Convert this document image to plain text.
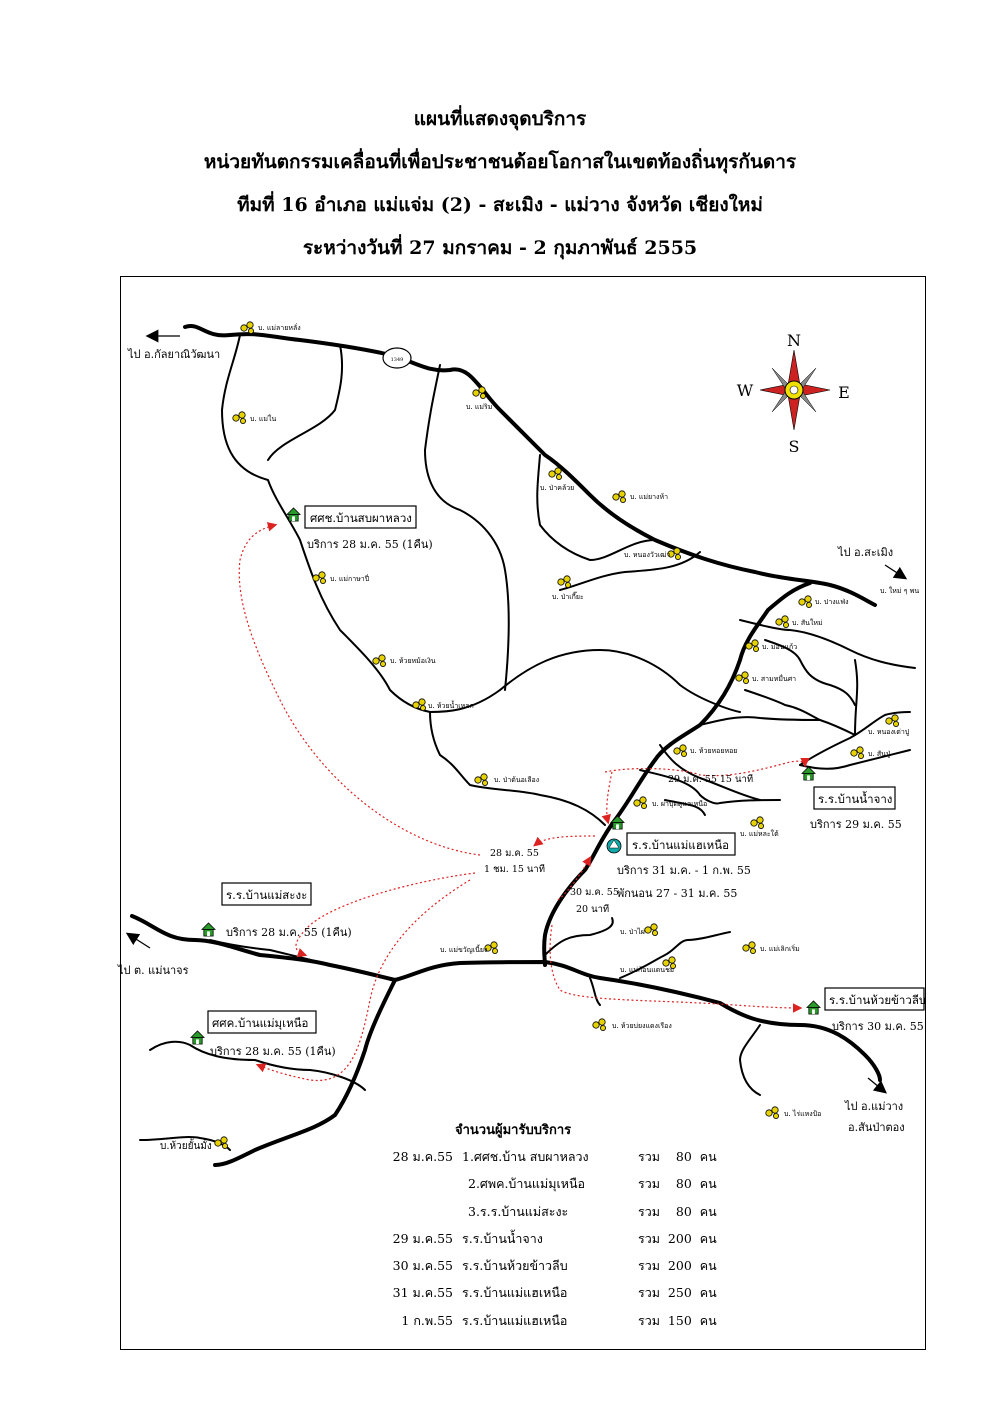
แผนที่แสดงจุดบริการ
หน่วยทันตกรรมเคลื่อนที่เพื่อประชาชนด้อยโอกาสในเขตท้องถิ่นทุรกันดาร
ทีมที่ 16 อำเภอ แม่แจ่ม (2) - สะเมิง - แม่วาง จังหวัด เชียงใหม่
ระหว่างวันที่ 27 มกราคม - 2 กุมภาพันธ์ 2555
1349
ไป อ.กัลยาณิวัฒนา
ไป อ.สะเมิง
ไป ต. แม่นาจร
ไป อ.แม่วาง
อ.สันป่าตอง
N
S
W	E
บ. แม่ลายหลั่ง
บ. แม่ใน
บ. แม่ริม
บ. ป่าคล้วย
บ. แม่ยางห้า
บ. หนองวัวเฒ่า
บ. ป่าเกี๊ยะ
บ. ใหม่ ๆ พน
บ. ปางแฟ่ง
บ. สันใหม่
บ. ม่อนแก้ว
บ. สามหมื่นศา
บ. หนองเต่าปู
บ. สันปู่
บ. แม่กาษาปี่
บ. ห้วยหม้อเงิน
บ. ห้วยน้ำเหลก
บ. ป่าต้นอเลือง
บ. ห้วยหอยหอย
บ. ผ่าปุดดูแลเหนือ
บ. แม่หละใต้
บ. แม่ขวัญเนี้ยง
บ. ป่าไผ่
บ. แม่ก้อนแดนชย
บ. แม่เลิกเริ่ม
บ. ห้วยบ่ยงแดงเรือง
บ. ไร่แหงป้อ
บ.ห้วยยั้นมั้ง
29 ม.ค. 55 15 นาที
28 ม.ค. 55
1 ชม. 15 นาที
30 ม.ค. 55
20 นาที
ศศช.บ้านสบผาหลวง
ร.ร.บ้านน้ำจาง
ร.ร.บ้านแม่แฮเหนือ
ร.ร.บ้านแม่สะงะ
ศศค.บ้านแม่มุเหนือ
ร.ร.บ้านห้วยข้าวลีบ
บริการ 28 ม.ค. 55 (1คืน)
บริการ 29 ม.ค. 55
บริการ 31 ม.ค. - 1 ก.พ. 55
พักนอน 27 - 31 ม.ค. 55
บริการ 28 ม.ค. 55 (1คืน)
บริการ 28 ม.ค. 55 (1คืน)
บริการ 30 ม.ค. 55
จำนวนผู้มารับบริการ
28 ม.ค.55 1.ศศช.บ้าน สบผาหลวง	รวม    80  คน
2.ศพค.บ้านแม่มุเหนือ	รวม    80  คน
3.ร.ร.บ้านแม่สะงะ	รวม    80  คน
29 ม.ค.55 ร.ร.บ้านน้ำจาง	รวม  200  คน
30 ม.ค.55 ร.ร.บ้านห้วยข้าวลีบ	รวม  200  คน
31 ม.ค.55 ร.ร.บ้านแม่แฮเหนือ	รวม  250  คน
1 ก.พ.55 ร.ร.บ้านแม่แฮเหนือ	รวม  150  คน
